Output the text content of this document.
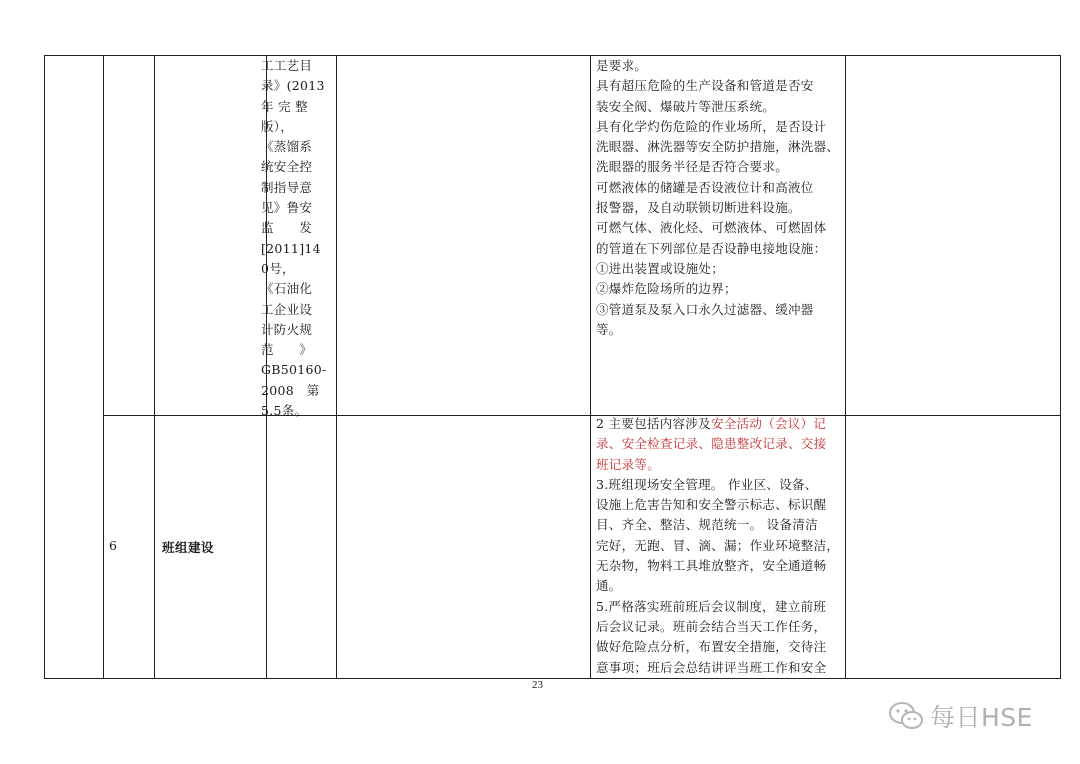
工工艺目
录》(2013
年 完 整
版），
《蒸馏系
统安全控
制指导意
见》鲁安
监　　发
[2011]14
0号，
《石油化
工企业设
计防火规
范　　》
GB50160-
2008　第
5.5条。
是要求。
具有超压危险的生产设备和管道是否安
装安全阀、爆破片等泄压系统。
具有化学灼伤危险的作业场所，是否设计
洗眼器、淋洗器等安全防护措施，淋洗器、
洗眼器的服务半径是否符合要求。
可燃液体的储罐是否设液位计和高液位
报警器，及自动联锁切断进料设施。
可燃气体、液化烃、可燃液体、可燃固体
的管道在下列部位是否设静电接地设施：
①进出装置或设施处；
②爆炸危险场所的边界；
③管道泵及泵入口永久过滤器、缓冲器
等。
6	班组建设
2 主要包括内容涉及安全活动（会议）记
录、安全检查记录、隐患整改记录、交接
班记录等。
3.班组现场安全管理。 作业区、设备、
设施上危害告知和安全警示标志、标识醒
目、齐全、整洁、规范统一。 设备清洁
完好，无跑、冒、滴、漏；作业环境整洁，
无杂物，物料工具堆放整齐，安全通道畅
通。
5.严格落实班前班后会议制度，建立前班
后会议记录。班前会结合当天工作任务，
做好危险点分析，布置安全措施，交待注
意事项；班后会总结讲评当班工作和安全
23
每日HSE
